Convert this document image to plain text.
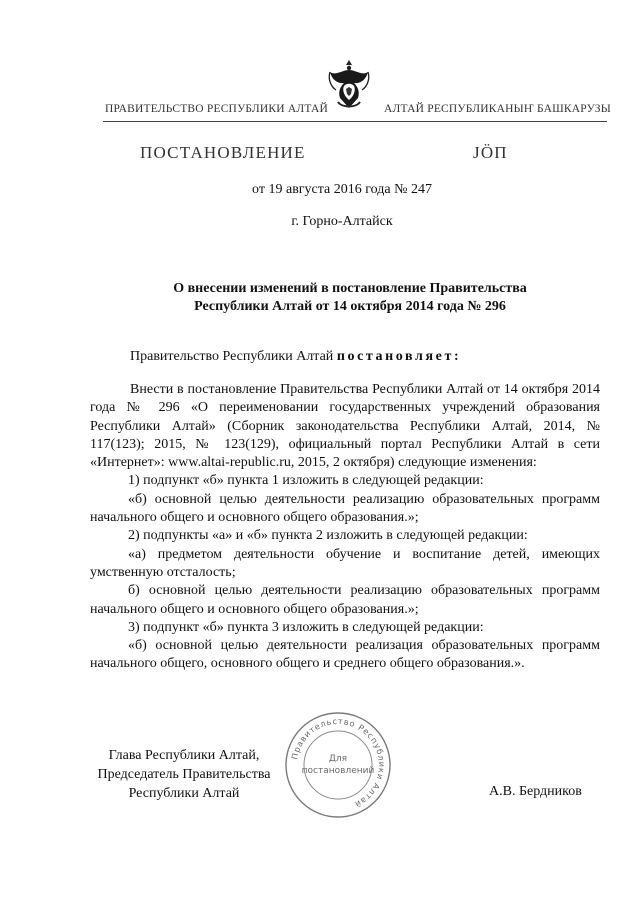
ПРАВИТЕЛЬСТВО РЕСПУБЛИКИ АЛТАЙ	АЛТАЙ РЕСПУБЛИКАНЫҤ БАШКАРУЗЫ
ПОСТАНОВЛЕНИЕ	JӦП
от 19 августа 2016 года № 247
г. Горно-Алтайск
О внесении изменений в постановление Правительства
Республики Алтай от 14 октября 2014 года № 296
Правительство Республики Алтай постановляет:

Внести в постановление Правительства Республики Алтай от 14 октября 2014 года № 296 «О переименовании государственных учреждений образования Республики Алтай» (Сборник законодательства Республики Алтай, 2014, № 117(123); 2015, № 123(129), официальный портал Республики Алтай в сети «Интернет»: www.altai-republic.ru, 2015, 2 октября) следующие изменения:

1) подпункт «б» пункта 1 изложить в следующей редакции:

«б) основной целью деятельности реализацию образовательных программ начального общего и основного общего образования.»;

2) подпункты «а» и «б» пункта 2 изложить в следующей редакции:

«а) предметом деятельности обучение и воспитание детей, имеющих умственную отсталость;

б) основной целью деятельности реализацию образовательных программ начального общего и основного общего образования.»;

3) подпункт «б» пункта 3 изложить в следующей редакции:

«б) основной целью деятельности реализация образовательных программ начального общего, основного общего и среднего общего образования.».

Глава Республики Алтай,
Председатель Правительства
Республики Алтай	А.В. Бердников
Правительство Республики Алтай
Для
постановлений
